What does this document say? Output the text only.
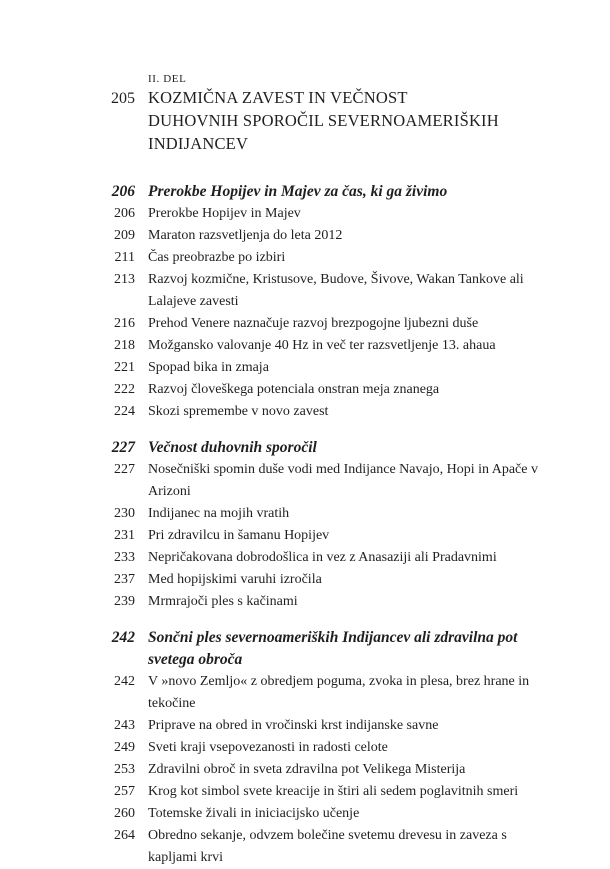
II. DEL
205 KOZMIČNA ZAVEST IN VEČNOST
DUHOVNIH SPOROČIL SEVERNOAMERIŠKIH
INDIJANCEV
206 Prerokbe Hopijev in Majev za čas, ki ga živimo
206 Prerokbe Hopijev in Majev
209 Maraton razsvetljenja do leta 2012
211 Čas preobrazbe po izbiri
213 Razvoj kozmične, Kristusove, Budove, Šivove, Wakan Tankove ali Lalajeve zavesti
216 Prehod Venere naznačuje razvoj brezpogojne ljubezni duše
218 Možgansko valovanje 40 Hz in več ter razsvetljenje 13. ahaua
221 Spopad bika in zmaja
222 Razvoj človeškega potenciala onstran meja znanega
224 Skozi spremembe v novo zavest
227 Večnost duhovnih sporočil
227 Nosečniški spomin duše vodi med Indijance Navajo, Hopi in Apače v Arizoni
230 Indijanec na mojih vratih
231 Pri zdravilcu in šamanu Hopijev
233 Nepričakovana dobrodošlica in vez z Anasaziji ali Pradavnimi
237 Med hopijskimi varuhi izročila
239 Mrmrajoči ples s kačinami
242 Sončni ples severnoameriških Indijancev ali zdravilna pot svetega obroča
242 V »novo Zemljo« z obredjem poguma, zvoka in plesa, brez hrane in tekočine
243 Priprave na obred in vročinski krst indijanske savne
249 Sveti kraji vsepovezanosti in radosti celote
253 Zdravilni obroč in sveta zdravilna pot Velikega Misterija
257 Krog kot simbol svete kreacije in štiri ali sedem poglavitnih smeri
260 Totemske živali in iniciacijsko učenje
264 Obredno sekanje, odvzem bolečine svetemu drevesu in zaveza s kapljami krvi
